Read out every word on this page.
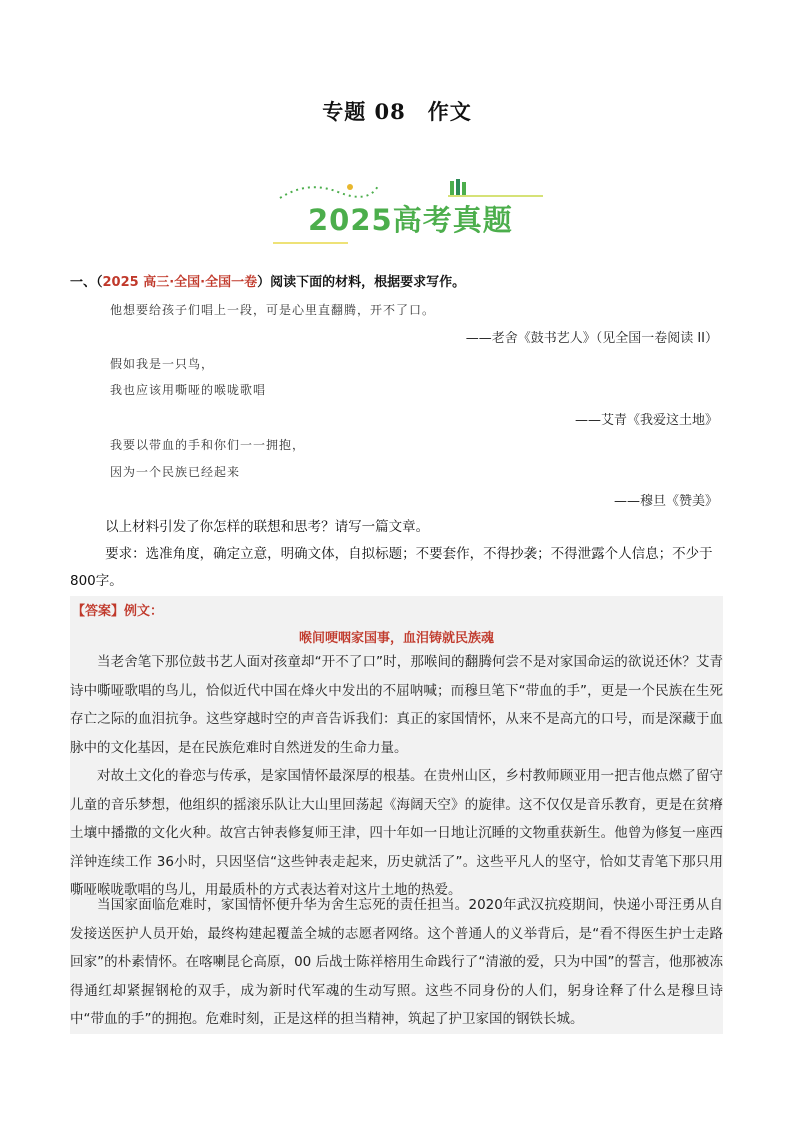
专题 08　作文
2025高考真题
一、（2025 高三·全国·全国一卷）阅读下面的材料，根据要求写作。
他想要给孩子们唱上一段，可是心里直翻腾，开不了口。
——老舍《鼓书艺人》（见全国一卷阅读 II）
假如我是一只鸟，
我也应该用嘶哑的喉咙歌唱
——艾青《我爱这土地》
我要以带血的手和你们一一拥抱，
因为一个民族已经起来
——穆旦《赞美》
以上材料引发了你怎样的联想和思考？请写一篇文章。
要求：选准角度，确定立意，明确文体，自拟标题；不要套作，不得抄袭；不得泄露个人信息；不少于 800字。
【答案】例文：
喉间哽咽家国事，血泪铸就民族魂

当老舍笔下那位鼓书艺人面对孩童却“开不了口”时，那喉间的翻腾何尝不是对家国命运的欲说还休？艾青诗中嘶哑歌唱的鸟儿，恰似近代中国在烽火中发出的不屈呐喊；而穆旦笔下“带血的手”，更是一个民族在生死存亡之际的血泪抗争。这些穿越时空的声音告诉我们：真正的家国情怀，从来不是高亢的口号，而是深藏于血脉中的文化基因，是在民族危难时自然迸发的生命力量。

对故土文化的眷恋与传承，是家国情怀最深厚的根基。在贵州山区，乡村教师顾亚用一把吉他点燃了留守儿童的音乐梦想，他组织的摇滚乐队让大山里回荡起《海阔天空》的旋律。这不仅仅是音乐教育，更是在贫瘠土壤中播撒的文化火种。故宫古钟表修复师王津，四十年如一日地让沉睡的文物重获新生。他曾为修复一座西洋钟连续工作 36小时，只因坚信“这些钟表走起来，历史就活了”。这些平凡人的坚守，恰如艾青笔下那只用嘶哑喉咙歌唱的鸟儿，用最质朴的方式表达着对这片土地的热爱。

当国家面临危难时，家国情怀便升华为舍生忘死的责任担当。2020年武汉抗疫期间，快递小哥汪勇从自发接送医护人员开始，最终构建起覆盖全城的志愿者网络。这个普通人的义举背后，是“看不得医生护士走路回家”的朴素情怀。在喀喇昆仑高原，00 后战士陈祥榕用生命践行了“清澈的爱，只为中国”的誓言，他那被冻得通红却紧握钢枪的双手，成为新时代军魂的生动写照。这些不同身份的人们，躬身诠释了什么是穆旦诗中“带血的手”的拥抱。危难时刻，正是这样的担当精神，筑起了护卫家国的钢铁长城。
